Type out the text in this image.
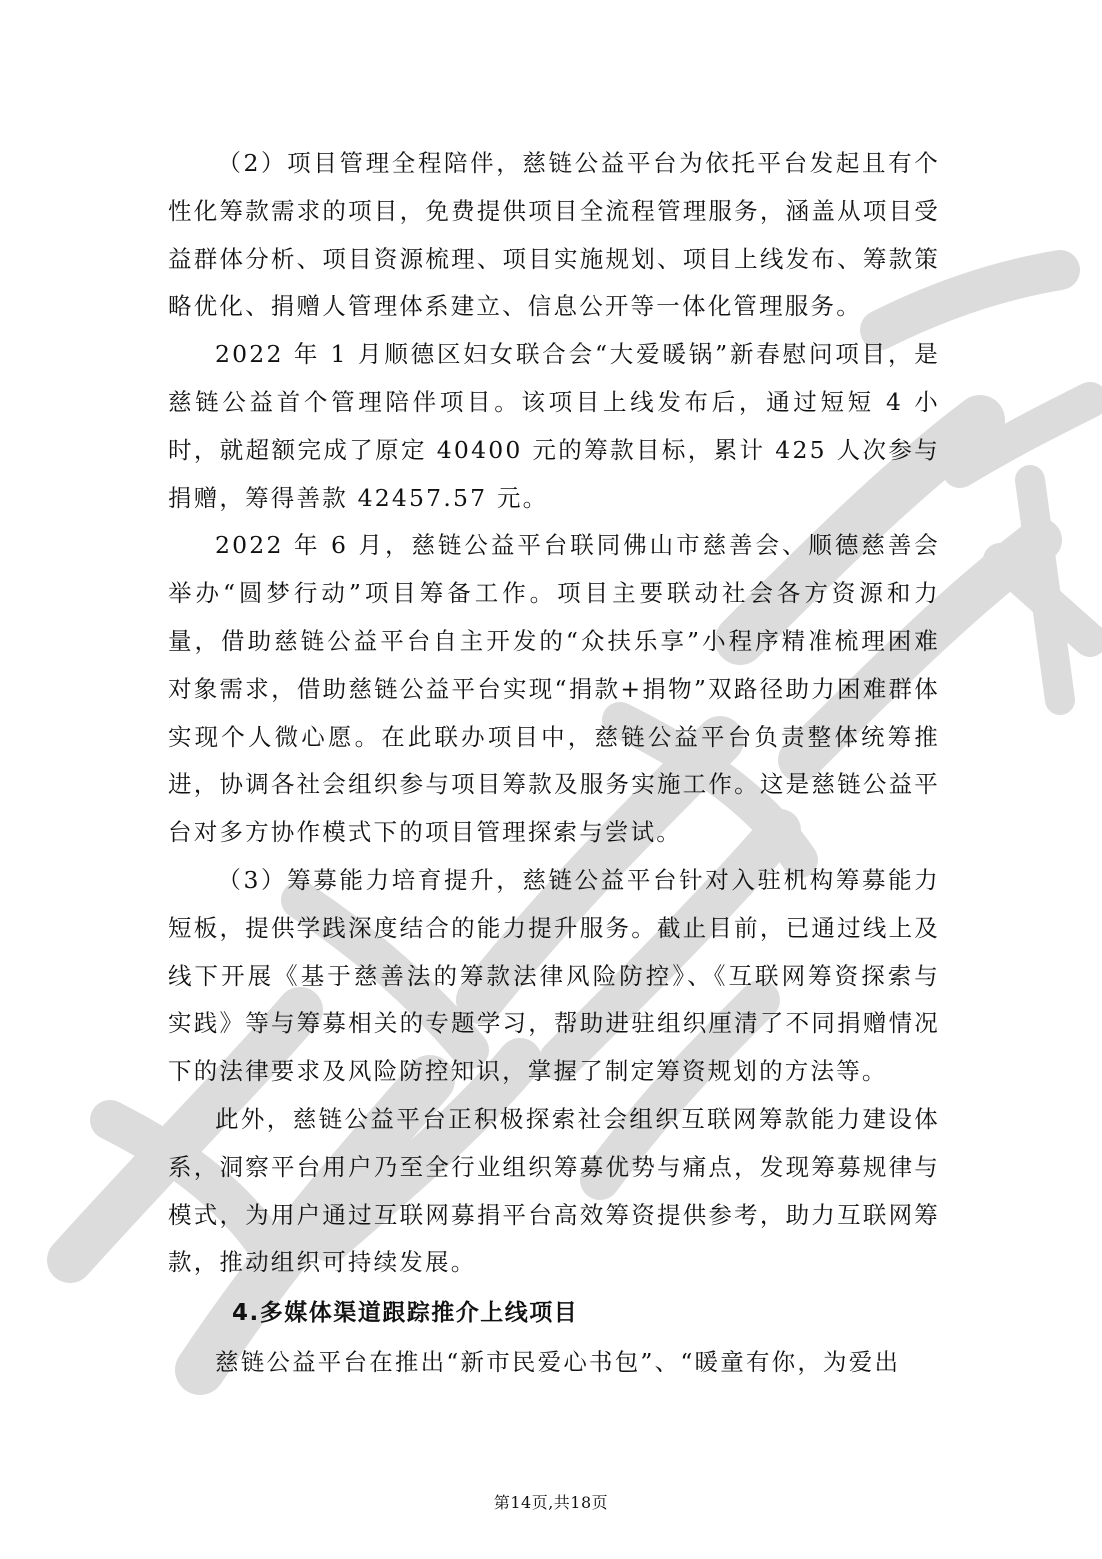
（2）项目管理全程陪伴，慈链公益平台为依托平台发起且有个性化筹款需求的项目，免费提供项目全流程管理服务，涵盖从项目受益群体分析、项目资源梳理、项目实施规划、项目上线发布、筹款策略优化、捐赠人管理体系建立、信息公开等一体化管理服务。

2022 年 1 月顺德区妇女联合会“大爱暖锅”新春慰问项目，是慈链公益首个管理陪伴项目。该项目上线发布后，通过短短 4 小时，就超额完成了原定 40400 元的筹款目标，累计 425 人次参与捐赠，筹得善款 42457.57 元。

2022 年 6 月，慈链公益平台联同佛山市慈善会、顺德慈善会举办“圆梦行动”项目筹备工作。项目主要联动社会各方资源和力量，借助慈链公益平台自主开发的“众扶乐享”小程序精准梳理困难对象需求，借助慈链公益平台实现“捐款+捐物”双路径助力困难群体实现个人微心愿。在此联办项目中，慈链公益平台负责整体统筹推进，协调各社会组织参与项目筹款及服务实施工作。这是慈链公益平台对多方协作模式下的项目管理探索与尝试。

（3）筹募能力培育提升，慈链公益平台针对入驻机构筹募能力短板，提供学践深度结合的能力提升服务。截止目前，已通过线上及线下开展《基于慈善法的筹款法律风险防控》、《互联网筹资探索与实践》等与筹募相关的专题学习，帮助进驻组织厘清了不同捐赠情况下的法律要求及风险防控知识，掌握了制定筹资规划的方法等。

此外，慈链公益平台正积极探索社会组织互联网筹款能力建设体系，洞察平台用户乃至全行业组织筹募优势与痛点，发现筹募规律与模式，为用户通过互联网募捐平台高效筹资提供参考，助力互联网筹款，推动组织可持续发展。

4.多媒体渠道跟踪推介上线项目

慈链公益平台在推出“新市民爱心书包”、“暖童有你，为爱出

第14页,共18页
